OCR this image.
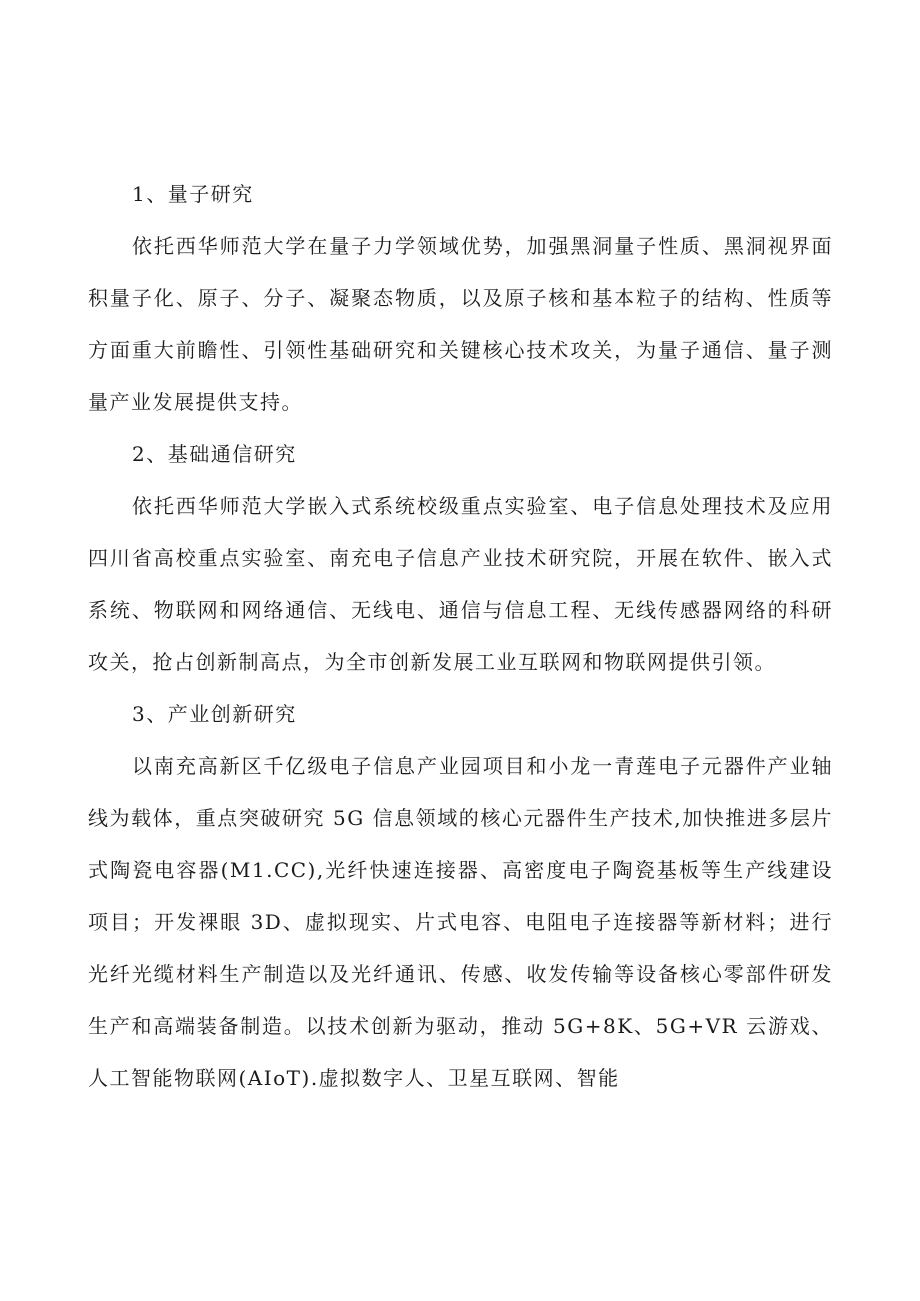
1、量子研究

依托西华师范大学在量子力学领域优势，加强黑洞量子性质、黑洞视界面积量子化、原子、分子、凝聚态物质，以及原子核和基本粒子的结构、性质等方面重大前瞻性、引领性基础研究和关键核心技术攻关，为量子通信、量子测量产业发展提供支持。

2、基础通信研究

依托西华师范大学嵌入式系统校级重点实验室、电子信息处理技术及应用四川省高校重点实验室、南充电子信息产业技术研究院，开展在软件、嵌入式系统、物联网和网络通信、无线电、通信与信息工程、无线传感器网络的科研攻关，抢占创新制高点，为全市创新发展工业互联网和物联网提供引领。

3、产业创新研究

以南充高新区千亿级电子信息产业园项目和小龙一青莲电子元器件产业轴线为载体，重点突破研究 5G 信息领域的核心元器件生产技术,加快推进多层片式陶瓷电容器(M1.CC),光纤快速连接器、高密度电子陶瓷基板等生产线建设项目；开发裸眼 3D、虚拟现实、片式电容、电阻电子连接器等新材料；进行光纤光缆材料生产制造以及光纤通讯、传感、收发传输等设备核心零部件研发生产和高端装备制造。以技术创新为驱动，推动 5G+8K、5G+VR 云游戏、人工智能物联网(AIoT).虚拟数字人、卫星互联网、智能
